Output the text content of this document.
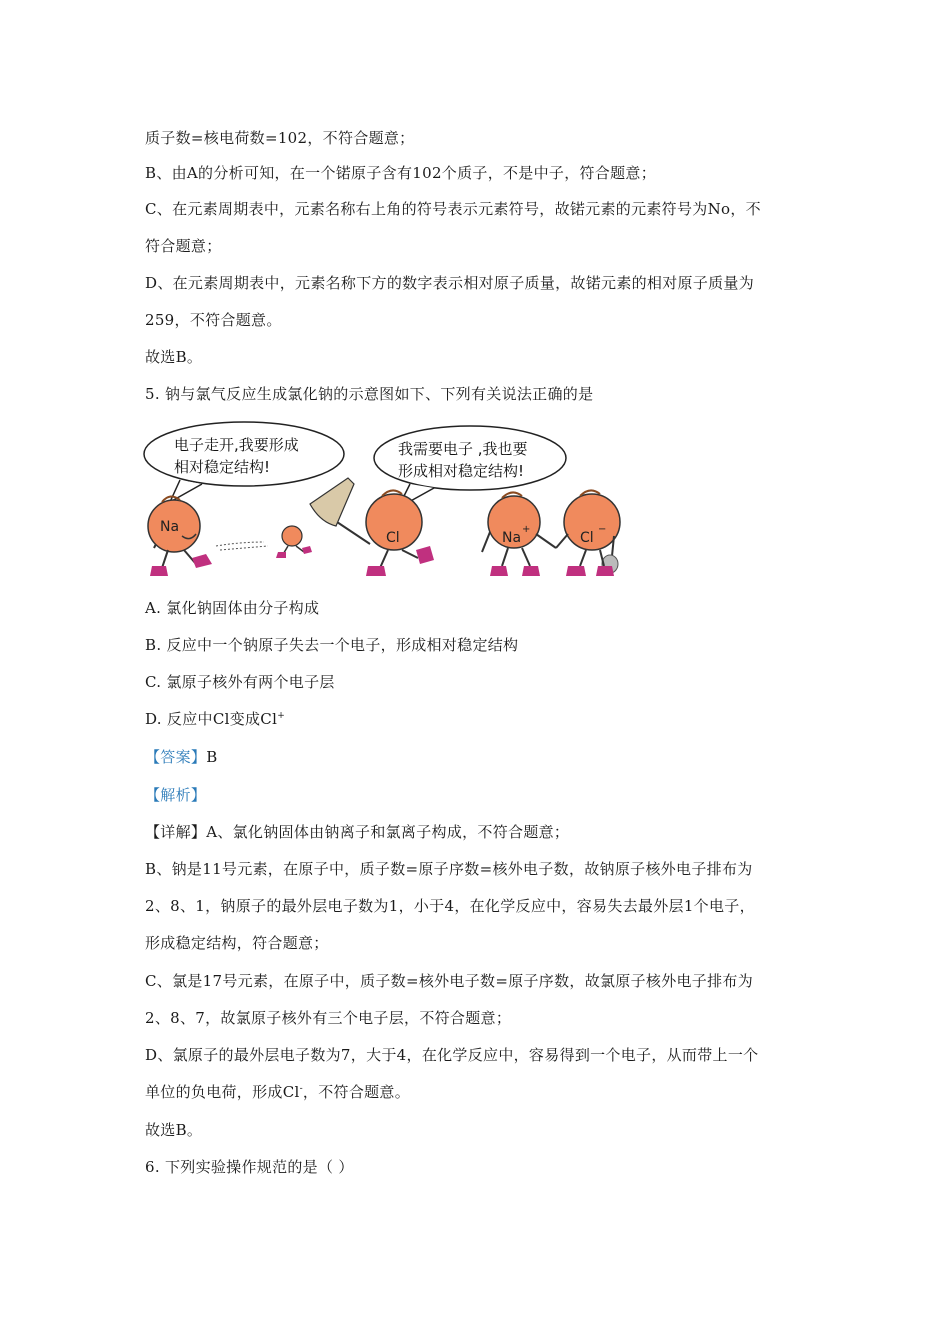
质子数=核电荷数=102，不符合题意；
B、由A的分析可知，在一个锘原子含有102个质子，不是中子，符合题意；
C、在元素周期表中，元素名称右上角的符号表示元素符号，故锘元素的元素符号为No，不
符合题意；
D、在元素周期表中，元素名称下方的数字表示相对原子质量，故锘元素的相对原子质量为
259，不符合题意。
故选B。
5. 钠与氯气反应生成氯化钠的示意图如下、下列有关说法正确的是
电子走开,我要形成
相对稳定结构!
我需要电子 ,我也要
形成相对稳定结构!
Na
Cl	Na
+
Cl
−
A. 氯化钠固体由分子构成
B. 反应中一个钠原子失去一个电子，形成相对稳定结构
C. 氯原子核外有两个电子层
D. 反应中Cl变成Cl+
【答案】B
【解析】
【详解】A、氯化钠固体由钠离子和氯离子构成，不符合题意；
B、钠是11号元素，在原子中，质子数=原子序数=核外电子数，故钠原子核外电子排布为
2、8、1，钠原子的最外层电子数为1，小于4，在化学反应中，容易失去最外层1个电子，
形成稳定结构，符合题意；
C、氯是17号元素，在原子中，质子数=核外电子数=原子序数，故氯原子核外电子排布为
2、8、7，故氯原子核外有三个电子层，不符合题意；
D、氯原子的最外层电子数为7，大于4，在化学反应中，容易得到一个电子，从而带上一个
单位的负电荷，形成Cl-，不符合题意。
故选B。
6. 下列实验操作规范的是（ ）
